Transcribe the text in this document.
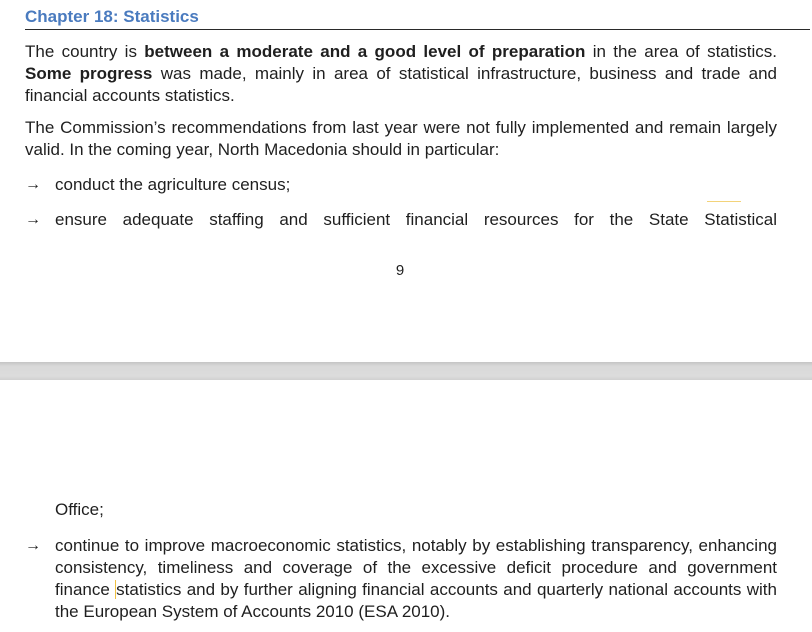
Chapter 18: Statistics
The country is between a moderate and a good level of preparation in the area of statistics. Some progress was made, mainly in area of statistical infrastructure, business and trade and financial accounts statistics.
The Commission’s recommendations from last year were not fully implemented and remain largely valid. In the coming year, North Macedonia should in particular:
→ conduct the agriculture census;
→ ensure adequate staffing and sufficient financial resources for the State Statistical
9
Office;
→ continue to improve macroeconomic statistics, notably by establishing transparency, enhancing consistency, timeliness and coverage of the excessive deficit procedure and government finance statistics and by further aligning financial accounts and quarterly national accounts with the European System of Accounts 2010 (ESA 2010).
